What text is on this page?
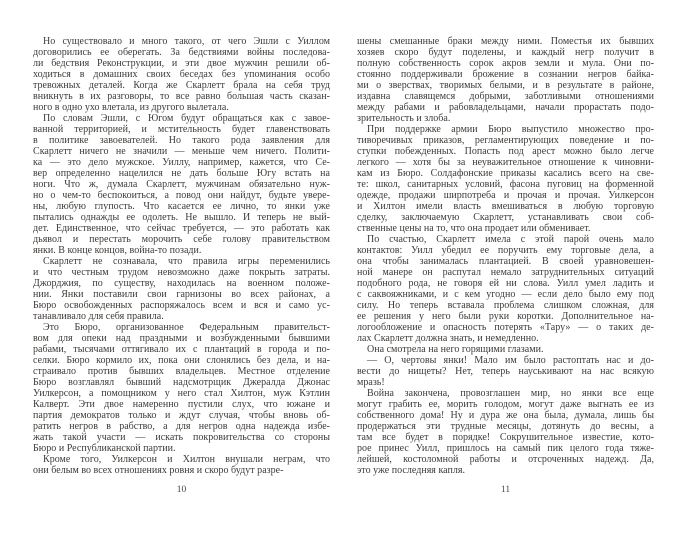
Но существовало и много такого, от чего Эшли с Уиллом
договорились ее оберегать. За бедствиями войны последова-
ли бедствия Реконструкции, и эти двое мужчин решили об-
ходиться в домашних своих беседах без упоминания особо
тревожных деталей. Когда же Скарлетт брала на себя труд
вникнуть в их разговоры, то все равно большая часть сказан-
ного в одно ухо влетала, из другого вылетала.
По словам Эшли, с Югом будут обращаться как с завое-
ванной территорией, и мстительность будет главенствовать
в политике завоевателей. Но такого рода заявления для
Скарлетт ничего не значили — меньше чем ничего. Полити-
ка — это дело мужское. Уиллу, например, кажется, что Се-
вер определенно нацелился не дать больше Югу встать на
ноги. Что ж, думала Скарлетт, мужчинам обязательно нуж-
но о чем-то беспокоиться, а повод они найдут, будьте увере-
ны, любую глупость. Что касается ее лично, то янки уже
пытались однажды ее одолеть. Не вышло. И теперь не вый-
дет. Единственное, что сейчас требуется, — это работать как
дьявол и перестать морочить себе голову правительством
янки. В конце концов, война-то позади.
Скарлетт не сознавала, что правила игры переменились
и что честным трудом невозможно даже покрыть затраты.
Джорджия, по существу, находилась на военном положе-
нии. Янки поставили свои гарнизоны во всех районах, а
Бюро освобожденных распоряжалось всем и вся и само ус-
танавливало для себя правила.
Это Бюро, организованное Федеральным правительст-
вом для опеки над праздными и возбужденными бывшими
рабами, тысячами оттягивало их с плантаций в города и по-
селки. Бюро кормило их, пока они слонялись без дела, и на-
страивало против бывших владельцев. Местное отделение
Бюро возглавлял бывший надсмотрщик Джералда Джонас
Уилкерсон, а помощником у него стал Хилтон, муж Кэтлин
Калверт. Эти двое намеренно пустили слух, что южане и
партия демократов только и ждут случая, чтобы вновь об-
ратить негров в рабство, а для негров одна надежда избе-
жать такой участи — искать покровительства со стороны
Бюро и Республиканской партии.
Кроме того, Уилкерсон и Хилтон внушали неграм, что
они белым во всех отношениях ровня и скоро будут разре-
10
шены смешанные браки между ними. Поместья их бывших
хозяев скоро будут поделены, и каждый негр получит в
полную собственность сорок акров земли и мула. Они по-
стоянно поддерживали брожение в сознании негров байка-
ми о зверствах, творимых белыми, и в результате в районе,
издавна славящемся добрыми, заботливыми отношениями
между рабами и рабовладельцами, начали прорастать подо-
зрительность и злоба.
При поддержке армии Бюро выпустило множество про-
тиворечивых приказов, регламентирующих поведение и по-
ступки побежденных. Попасть под арест можно было легче
легкого — хотя бы за неуважительное отношение к чиновни-
кам из Бюро. Солдафонские приказы касались всего на све-
те: школ, санитарных условий, фасона пуговиц на форменной
одежде, продажи ширпотреба и прочая и прочая. Уилкерсон
и Хилтон имели власть вмешиваться в любую торговую
сделку, заключаемую Скарлетт, устанавливать свои соб-
ственные цены на то, что она продает или обменивает.
По счастью, Скарлетт имела с этой парой очень мало
контактов: Уилл убедил ее поручить ему торговые дела, а
она чтобы занималась плантацией. В своей уравновешен-
ной манере он распутал немало затруднительных ситуаций
подобного рода, не говоря ей ни слова. Уилл умел ладить и
с саквояжниками, и с кем угодно — если дело было ему под
силу. Но теперь вставала проблема слишком сложная, для
ее решения у него были руки коротки. Дополнительное на-
логообложение и опасность потерять «Тару» — о таких де-
лах Скарлетт должна знать, и немедленно.
Она смотрела на него горящими глазами.
— О, чертовы янки! Мало им было растоптать нас и до-
вести до нищеты? Нет, теперь науськивают на нас всякую
мразь!
Война закончена, провозглашен мир, но янки все еще
могут грабить ее, морить голодом, могут даже выгнать ее из
собственного дома! Ну и дура же она была, думала, лишь бы
продержаться эти трудные месяцы, дотянуть до весны, а
там все будет в порядке! Сокрушительное известие, кото-
рое принес Уилл, пришлось на самый пик целого года тяже-
лейшей, костоломной работы и отсроченных надежд. Да,
это уже последняя капля.
11
